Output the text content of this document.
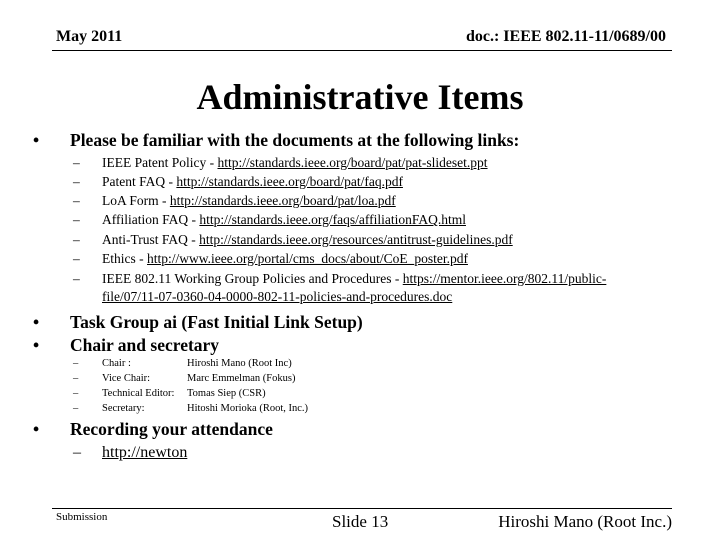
May 2011	doc.: IEEE 802.11-11/0689/00
Administrative Items
• Please be familiar with the documents at the following links:
– IEEE Patent Policy - http://standards.ieee.org/board/pat/pat-slideset.ppt
– Patent FAQ - http://standards.ieee.org/board/pat/faq.pdf
– LoA Form - http://standards.ieee.org/board/pat/loa.pdf
– Affiliation FAQ - http://standards.ieee.org/faqs/affiliationFAQ.html
– Anti-Trust FAQ - http://standards.ieee.org/resources/antitrust-guidelines.pdf
– Ethics - http://www.ieee.org/portal/cms_docs/about/CoE_poster.pdf
– IEEE 802.11 Working Group Policies and Procedures - https://mentor.ieee.org/802.11/public-
file/07/11-07-0360-04-0000-802-11-policies-and-procedures.doc
• Task Group ai (Fast Initial Link Setup)
• Chair and secretary
– Chair :	Hiroshi Mano (Root Inc)
– Vice Chair:	Marc Emmelman (Fokus)
– Technical Editor: Tomas Siep (CSR)
– Secretary:	Hitoshi Morioka (Root, Inc.)
• Recording your attendance
– http://newton
Submission	Slide 13	Hiroshi Mano (Root Inc.)
